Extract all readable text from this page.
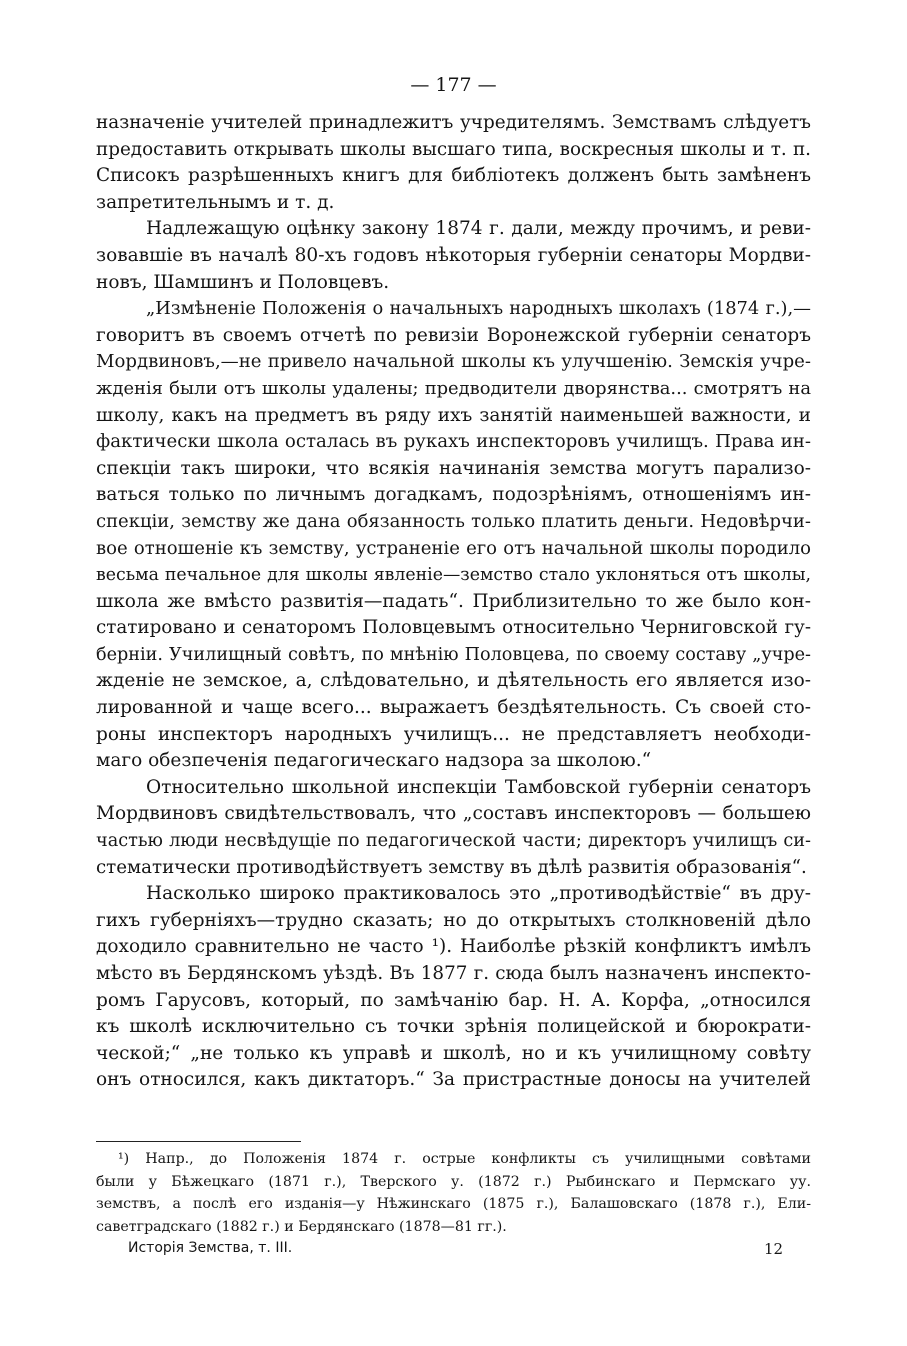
— 177 —
назначеніе учителей принадлежитъ учредителямъ. Земствамъ слѣдуетъ
предоставить открывать школы высшаго типа, воскресныя школы и т. п.
Списокъ разрѣшенныхъ книгъ для библіотекъ долженъ быть замѣненъ
запретительнымъ и т. д.
Надлежащую оцѣнку закону 1874 г. дали, между прочимъ, и реви-
зовавшіе въ началѣ 80-хъ годовъ нѣкоторыя губерніи сенаторы Мордви-
новъ, Шамшинъ и Половцевъ.
„Измѣненіе Положенія о начальныхъ народныхъ школахъ (1874 г.),—
говоритъ въ своемъ отчетѣ по ревизіи Воронежской губерніи сенаторъ
Мордвиновъ,—не привело начальной школы къ улучшенію. Земскія учре-
жденія были отъ школы удалены; предводители дворянства... смотрятъ на
школу, какъ на предметъ въ ряду ихъ занятій наименьшей важности, и
фактически школа осталась въ рукахъ инспекторовъ училищъ. Права ин-
спекціи такъ широки, что всякія начинанія земства могутъ парализо-
ваться только по личнымъ догадкамъ, подозрѣніямъ, отношеніямъ ин-
спекціи, земству же дана обязанность только платить деньги. Недовѣрчи-
вое отношеніе къ земству, устраненіе его отъ начальной школы породило
весьма печальное для школы явленіе—земство стало уклоняться отъ школы,
школа же вмѣсто развитія—падать“. Приблизительно то же было кон-
статировано и сенаторомъ Половцевымъ относительно Черниговской гу-
берніи. Училищный совѣтъ, по мнѣнію Половцева, по своему составу „учре-
жденіе не земское, а, слѣдовательно, и дѣятельность его является изо-
лированной и чаще всего... выражаетъ бездѣятельность. Съ своей сто-
роны инспекторъ народныхъ училищъ... не представляетъ необходи-
маго обезпеченія педагогическаго надзора за школою.“
Относительно школьной инспекціи Тамбовской губерніи сенаторъ
Мордвиновъ свидѣтельствовалъ, что „составъ инспекторовъ — большею
частью люди несвѣдущіе по педагогической части; директоръ училищъ си-
стематически противодѣйствуетъ земству въ дѣлѣ развитія образованія“.
Насколько широко практиковалось это „противодѣйствіе“ въ дру-
гихъ губерніяхъ—трудно сказать; но до открытыхъ столкновеній дѣло
доходило сравнительно не часто ¹). Наиболѣе рѣзкій конфликтъ имѣлъ
мѣсто въ Бердянскомъ уѣздѣ. Въ 1877 г. сюда былъ назначенъ инспекто-
ромъ Гарусовъ, который, по замѣчанію бар. Н. А. Корфа, „относился
къ школѣ исключительно съ точки зрѣнія полицейской и бюрократи-
ческой;“ „не только къ управѣ и школѣ, но и къ училищному совѣту
онъ относился, какъ диктаторъ.“ За пристрастные доносы на учителей
¹) Напр., до Положенія 1874 г. острые конфликты съ училищными совѣтами
были у Бѣжецкаго (1871 г.), Тверского у. (1872 г.) Рыбинскаго и Пермскаго уу.
земствъ, а послѣ его изданія—у Нѣжинскаго (1875 г.), Балашовскаго (1878 г.), Ели-
саветградскаго (1882 г.) и Бердянскаго (1878—81 гг.).
Исторія Земства, т. III.	12
